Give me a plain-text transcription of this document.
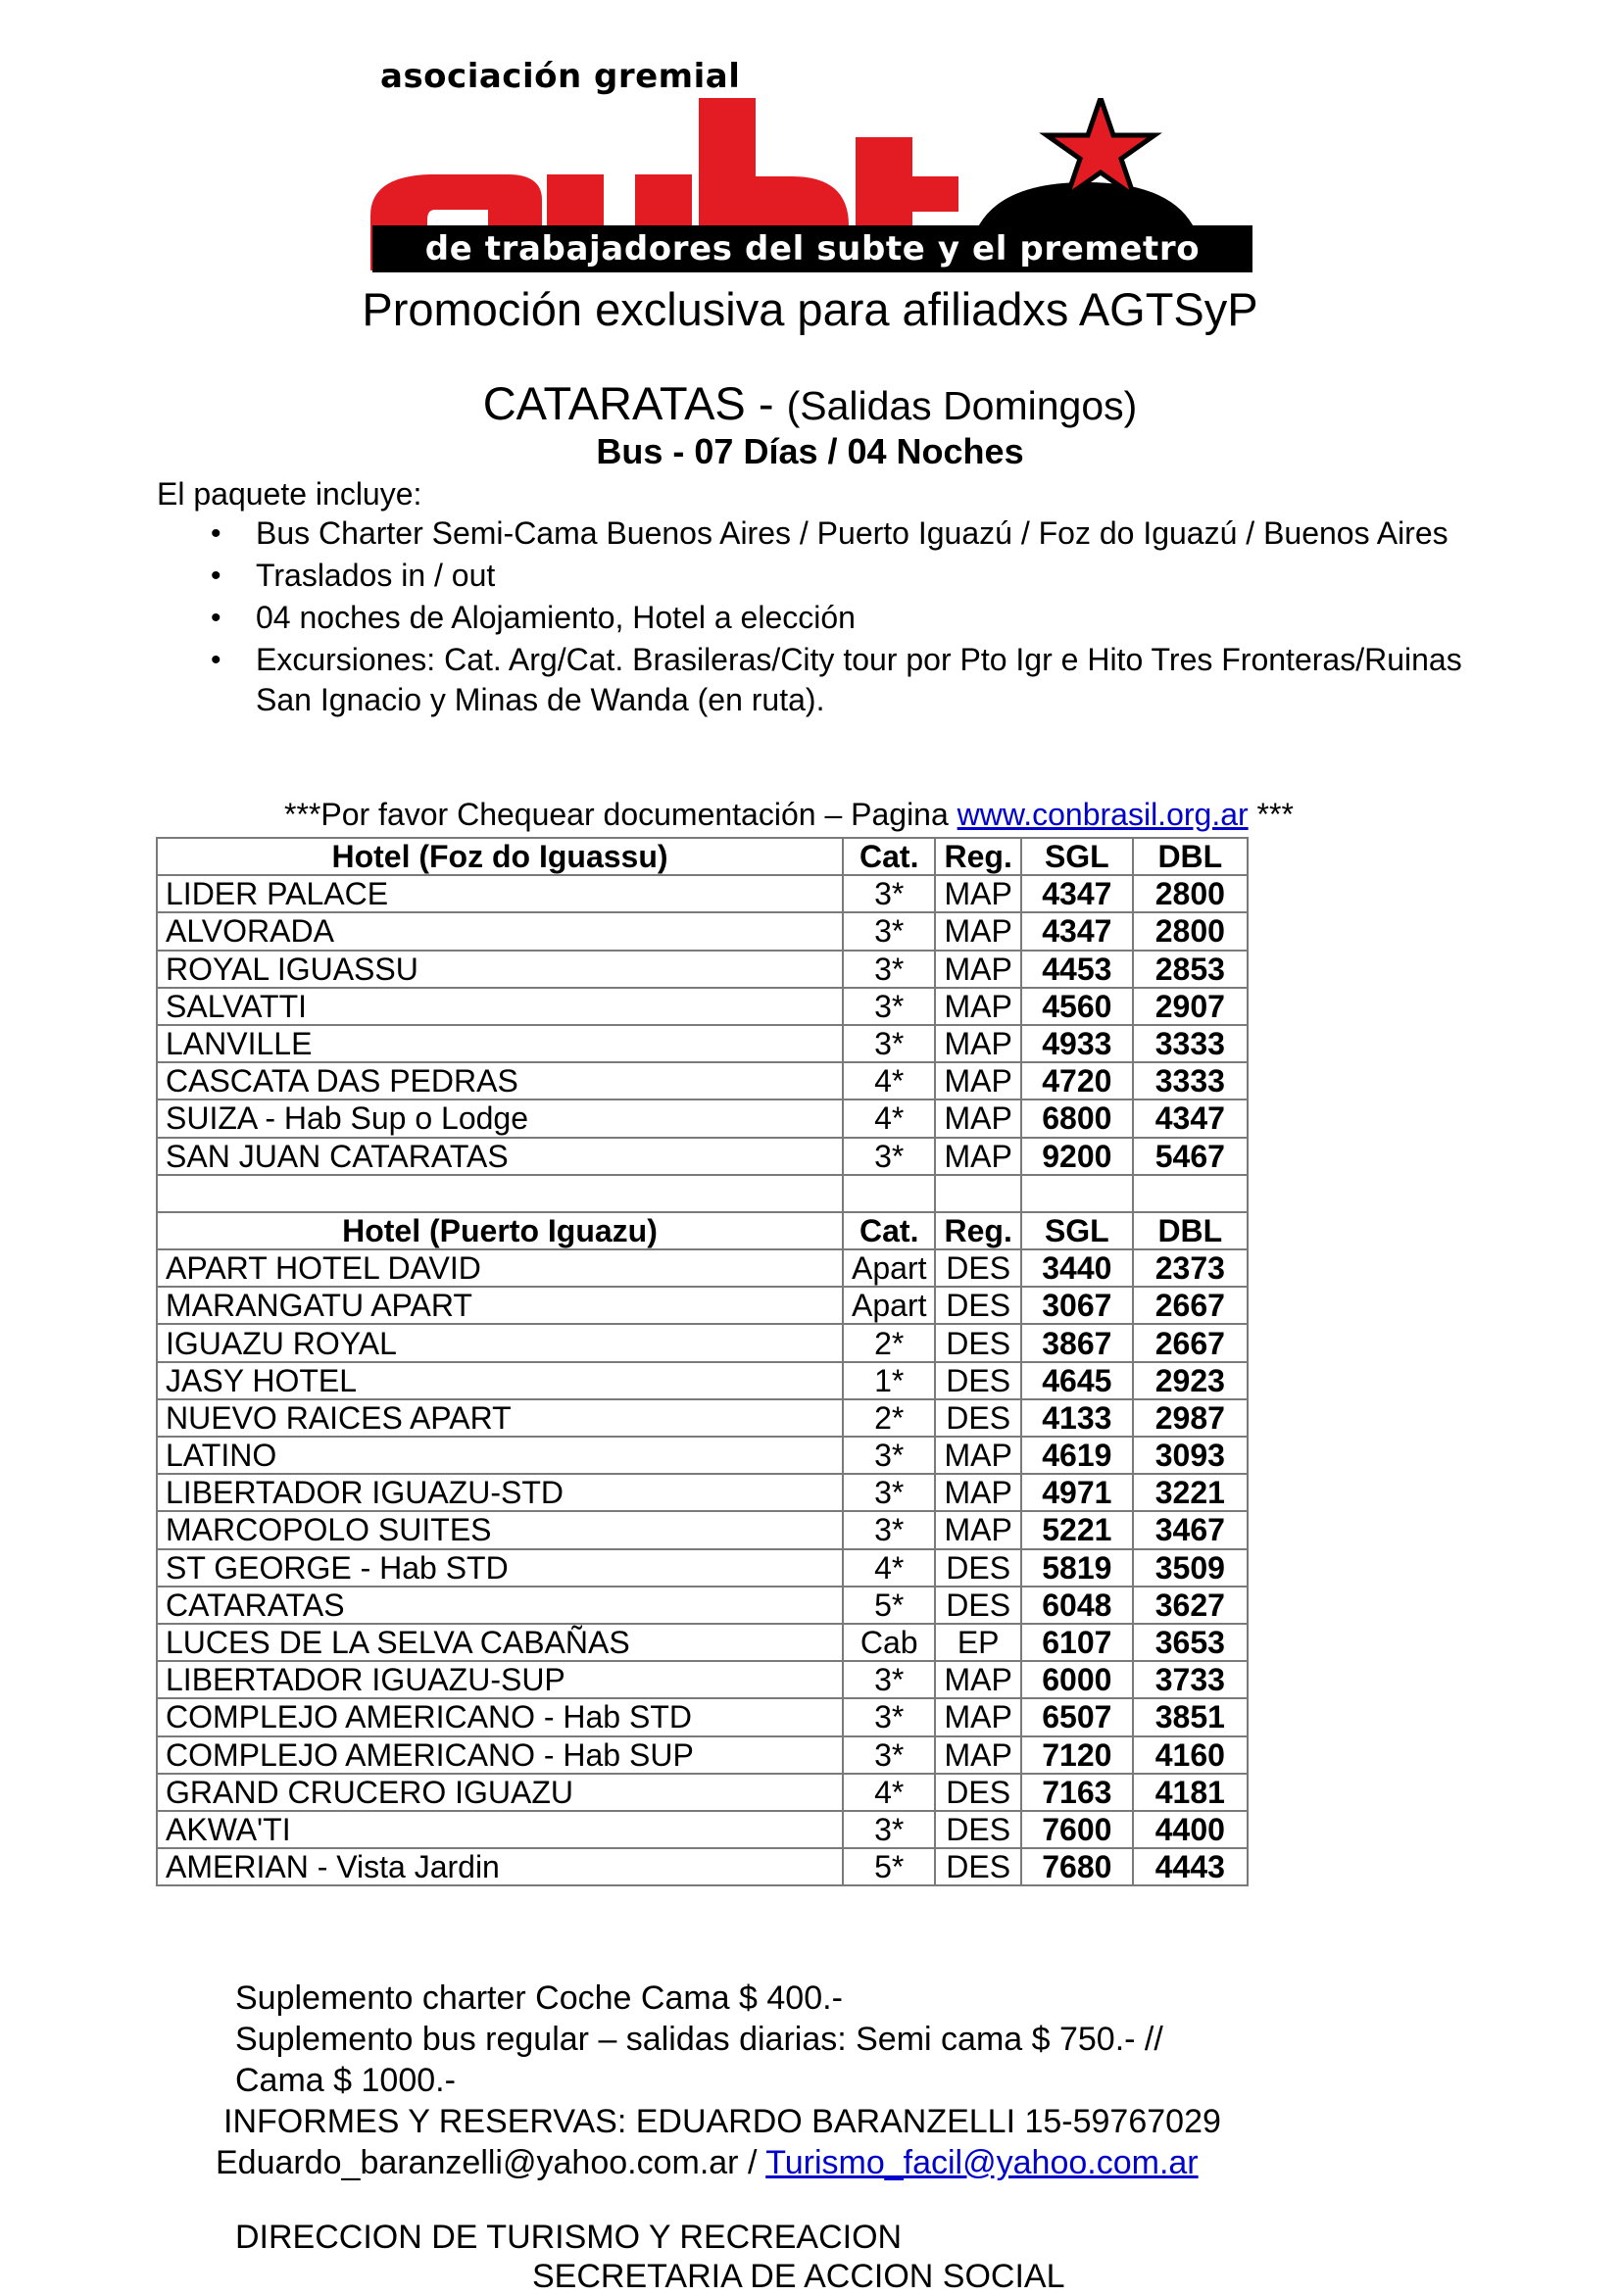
asociación gremial
de trabajadores del subte y el premetro
Promoción exclusiva para afiliadxs AGTSyP
CATARATAS - (Salidas Domingos)
Bus - 07 Días / 04 Noches
El paquete incluye:
• Bus Charter Semi-Cama Buenos Aires / Puerto Iguazú / Foz do Iguazú / Buenos Aires
• Traslados in / out
• 04 noches de Alojamiento, Hotel a elección
• Excursiones: Cat. Arg/Cat. Brasileras/City tour por Pto Igr e Hito Tres Fronteras/Ruinas San Ignacio y Minas de Wanda (en ruta).
***Por favor Chequear documentación – Pagina www.conbrasil.org.ar ***
Hotel (Foz do Iguassu)	Cat.	Reg.	SGL	DBL
LIDER PALACE	3*	MAP	4347	2800
ALVORADA	3*	MAP	4347	2800
ROYAL IGUASSU	3*	MAP	4453	2853
SALVATTI	3*	MAP	4560	2907
LANVILLE	3*	MAP	4933	3333
CASCATA DAS PEDRAS	4*	MAP	4720	3333
SUIZA - Hab Sup o Lodge	4*	MAP	6800	4347
SAN JUAN CATARATAS	3*	MAP	9200	5467

Hotel (Puerto Iguazu)	Cat.	Reg.	SGL	DBL
APART HOTEL DAVID	Apart	DES	3440	2373
MARANGATU APART	Apart	DES	3067	2667
IGUAZU ROYAL	2*	DES	3867	2667
JASY HOTEL	1*	DES	4645	2923
NUEVO RAICES APART	2*	DES	4133	2987
LATINO	3*	MAP	4619	3093
LIBERTADOR IGUAZU-STD	3*	MAP	4971	3221
MARCOPOLO SUITES	3*	MAP	5221	3467
ST GEORGE - Hab STD	4*	DES	5819	3509
CATARATAS	5*	DES	6048	3627
LUCES DE LA SELVA CABAÑAS	Cab	EP	6107	3653
LIBERTADOR IGUAZU-SUP	3*	MAP	6000	3733
COMPLEJO AMERICANO - Hab STD	3*	MAP	6507	3851
COMPLEJO AMERICANO - Hab SUP	3*	MAP	7120	4160
GRAND CRUCERO IGUAZU	4*	DES	7163	4181
AKWA'TI	3*	DES	7600	4400
AMERIAN - Vista Jardin	5*	DES	7680	4443
Suplemento charter Coche Cama $ 400.-
Suplemento bus regular – salidas diarias: Semi cama $ 750.- //
Cama $ 1000.-
INFORMES Y RESERVAS: EDUARDO BARANZELLI 15-59767029
Eduardo_baranzelli@yahoo.com.ar / Turismo_facil@yahoo.com.ar
DIRECCION DE TURISMO Y RECREACION
SECRETARIA DE ACCION SOCIAL
